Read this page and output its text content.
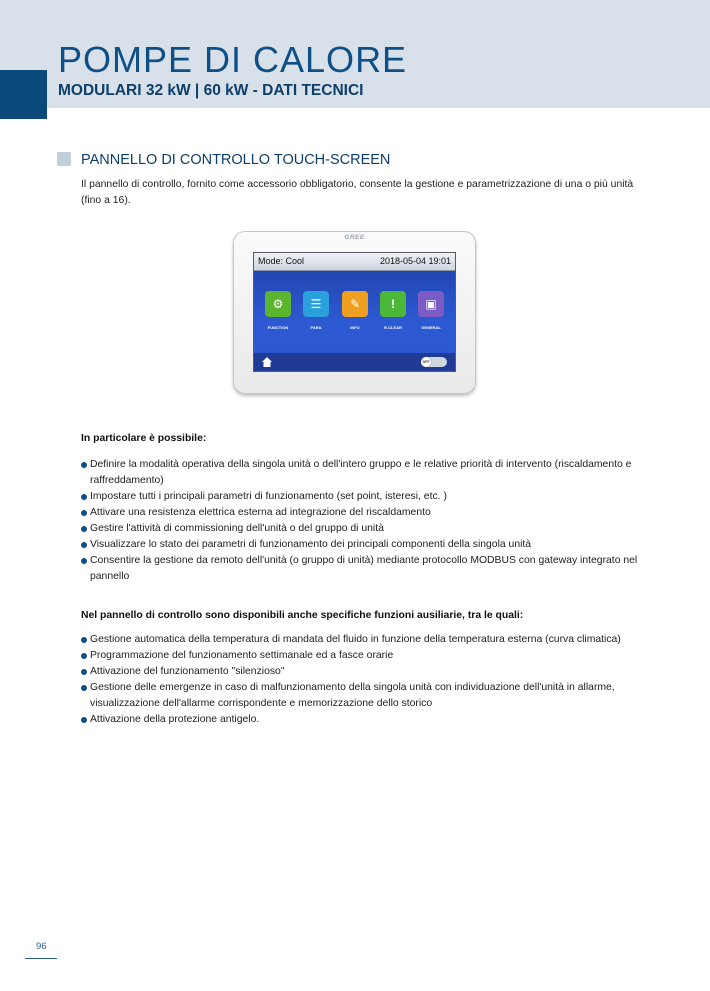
POMPE DI CALORE
MODULARI 32 kW | 60 kW - DATI TECNICI
PANNELLO DI CONTROLLO TOUCH-SCREEN

Il pannello di controllo, fornito come accessorio obbligatorio, consente la gestione e parametrizzazione di una o più unità (fino a 16).

GREE
Mode: Cool	2018-05-04 19:01
⚙
FUNCTION
☰
PARA
✎
INFO
!
R-CLEAR
▣
GENERAL
OFF

In particolare è possibile:

Definire la modalità operativa della singola unità o dell'intero gruppo e le relative priorità di intervento (riscaldamento e raffreddamento)
Impostare tutti i principali parametri di funzionamento (set point, isteresi, etc. )
Attivare una resistenza elettrica esterna ad integrazione del riscaldamento
Gestire l'attività di commissioning dell'unità o del gruppo di unità
Visualizzare lo stato dei parametri di funzionamento dei principali componenti della singola unità
Consentire la gestione da remoto dell'unità (o gruppo di unità) mediante protocollo MODBUS con gateway integrato nel pannello

Nel pannello di controllo sono disponibili anche specifiche funzioni ausiliarie, tra le quali:

Gestione automatica della temperatura di mandata del fluido in funzione della temperatura esterna (curva climatica)
Programmazione del funzionamento settimanale ed a fasce orarie
Attivazione del funzionamento "silenzioso"
Gestione delle emergenze in caso di malfunzionamento della singola unità con individuazione dell'unità in allarme, visualizzazione dell'allarme corrispondente e memorizzazione dello storico
Attivazione della protezione antigelo.
96
